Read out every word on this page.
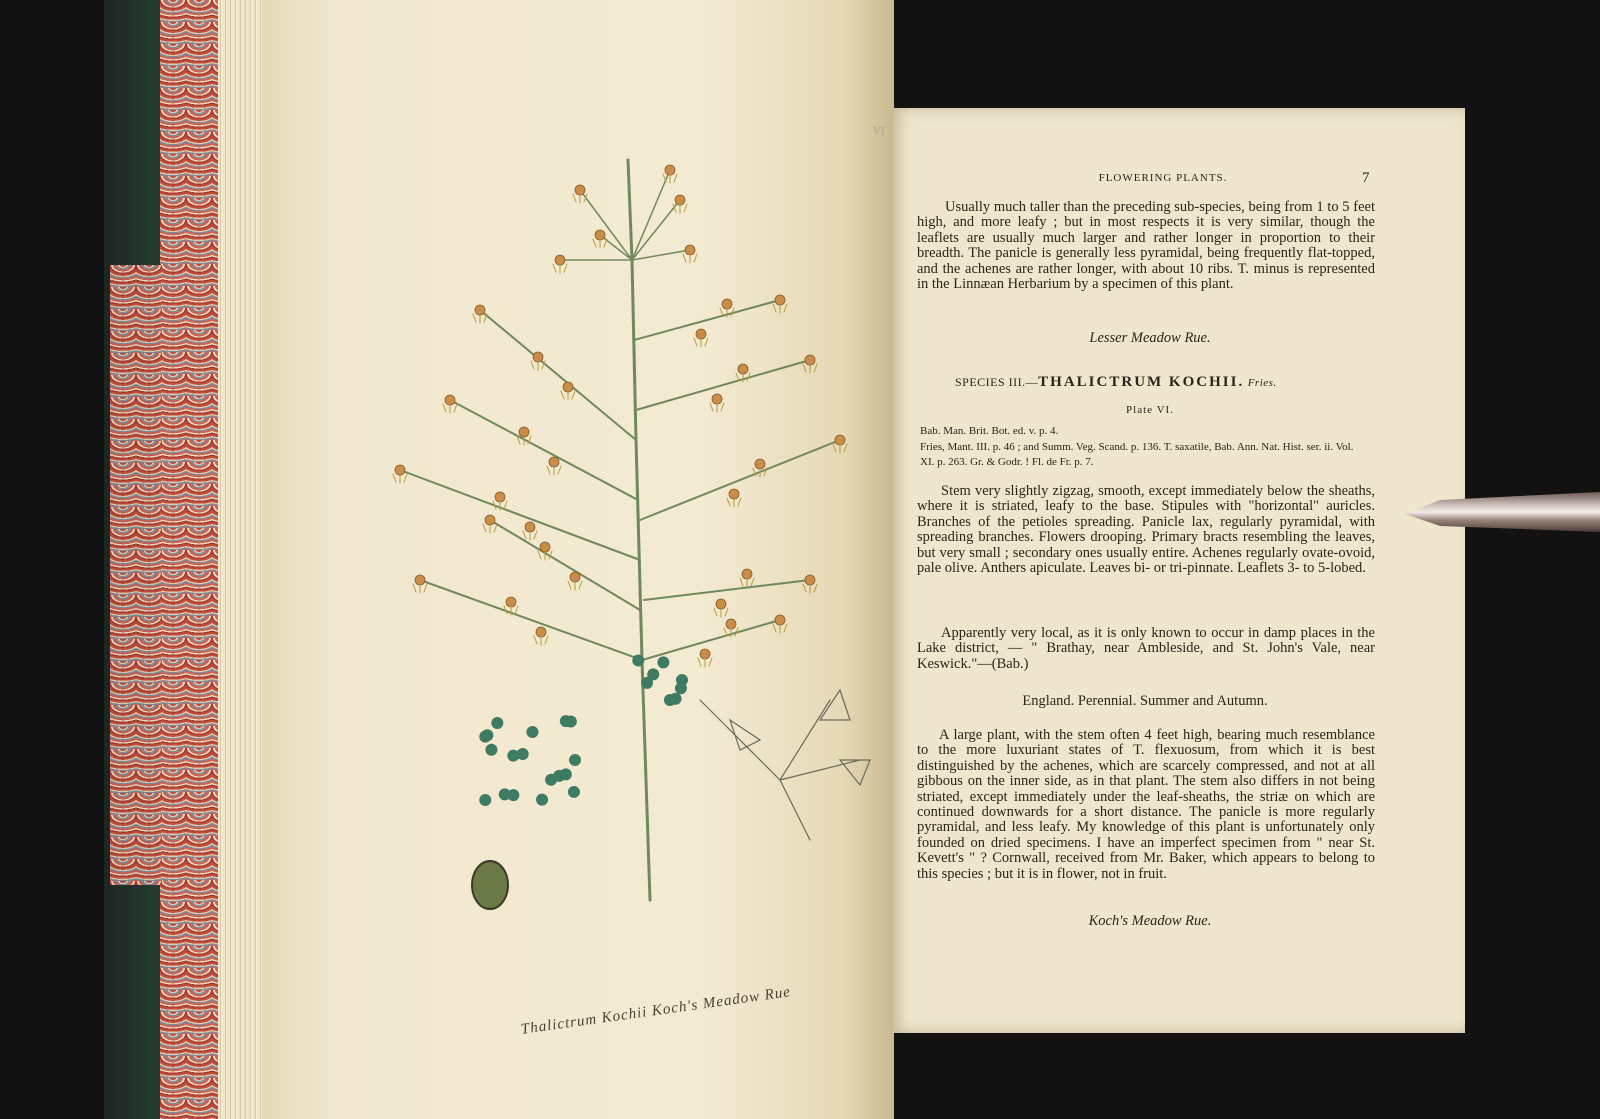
VI
Thalictrum Kochii Koch's Meadow Rue
FLOWERING PLANTS.	7
Usually much taller than the preceding sub-species, being from 1 to 5 feet high, and more leafy ; but in most respects it is very similar, though the leaflets are usually much larger and rather longer in proportion to their breadth. The panicle is generally less pyramidal, being frequently flat-topped, and the achenes are rather longer, with about 10 ribs. T. minus is represented in the Linnæan Herbarium by a specimen of this plant.
Lesser Meadow Rue.
SPECIES III.—THALICTRUM KOCHII. Fries.
Plate VI.
Bab. Man. Brit. Bot. ed. v. p. 4.
Fries, Mant. III. p. 46 ; and Summ. Veg. Scand. p. 136. T. saxatile, Bab. Ann. Nat. Hist. ser. ii. Vol. XI. p. 263. Gr. & Godr. ! Fl. de Fr. p. 7.
Stem very slightly zigzag, smooth, except immediately below the sheaths, where it is striated, leafy to the base. Stipules with "horizontal" auricles. Branches of the petioles spreading. Panicle lax, regularly pyramidal, with spreading branches. Flowers drooping. Primary bracts resembling the leaves, but very small ; secondary ones usually entire. Achenes regularly ovate-ovoid, pale olive. Anthers apiculate. Leaves bi- or tri-pinnate. Leaflets 3- to 5-lobed.
Apparently very local, as it is only known to occur in damp places in the Lake district, — " Brathay, near Ambleside, and St. John's Vale, near Keswick."—(Bab.)
England. Perennial. Summer and Autumn.
A large plant, with the stem often 4 feet high, bearing much resemblance to the more luxuriant states of T. flexuosum, from which it is best distinguished by the achenes, which are scarcely compressed, and not at all gibbous on the inner side, as in that plant. The stem also differs in not being striated, except immediately under the leaf-sheaths, the striæ on which are continued downwards for a short distance. The panicle is more regularly pyramidal, and less leafy. My knowledge of this plant is unfortunately only founded on dried specimens. I have an imperfect specimen from " near St. Kevett's " ? Cornwall, received from Mr. Baker, which appears to belong to this species ; but it is in flower, not in fruit.
Koch's Meadow Rue.
